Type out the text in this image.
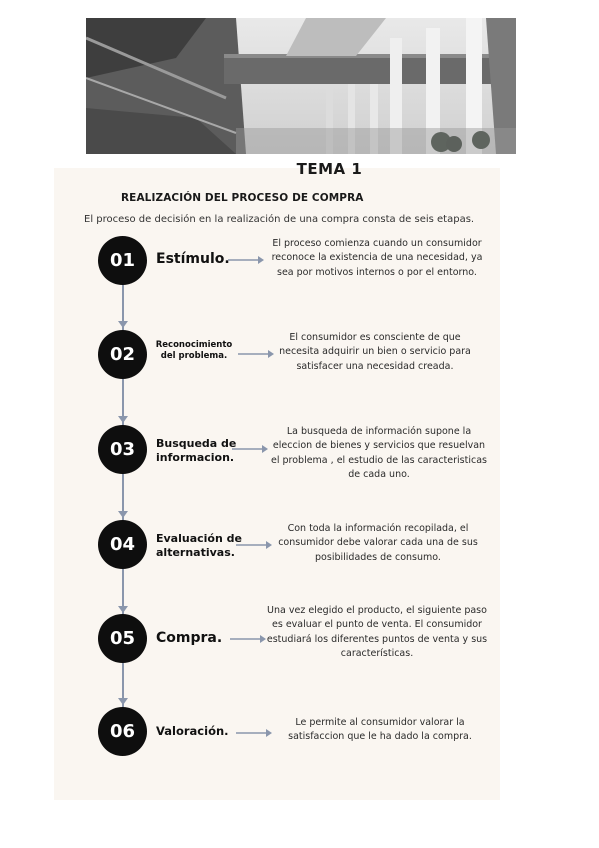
TEMA 1
REALIZACIÓN DEL PROCESO DE COMPRA
El proceso de decisión en la realización de una compra consta de seis etapas.
01	Estímulo.
El proceso comienza cuando un consumidor reconoce la existencia de una necesidad, ya sea por motivos internos o por el entorno.
02	Reconocimiento del problema.
El consumidor es consciente de que necesita adquirir un bien o servicio para satisfacer una necesidad creada.
03	Busqueda de informacion.
La busqueda de información supone la eleccion de bienes y servicios que resuelvan el problema , el estudio de las caracteristicas de cada uno.
04	Evaluación de alternativas.
Con toda la información recopilada, el consumidor debe valorar cada una de sus posibilidades de consumo.
05	Compra.
Una vez elegido el producto, el siguiente paso es evaluar el punto de venta. El consumidor estudiará los diferentes puntos de venta y sus características.
06	Valoración.
Le permite al consumidor valorar la satisfaccion que le ha dado la compra.
